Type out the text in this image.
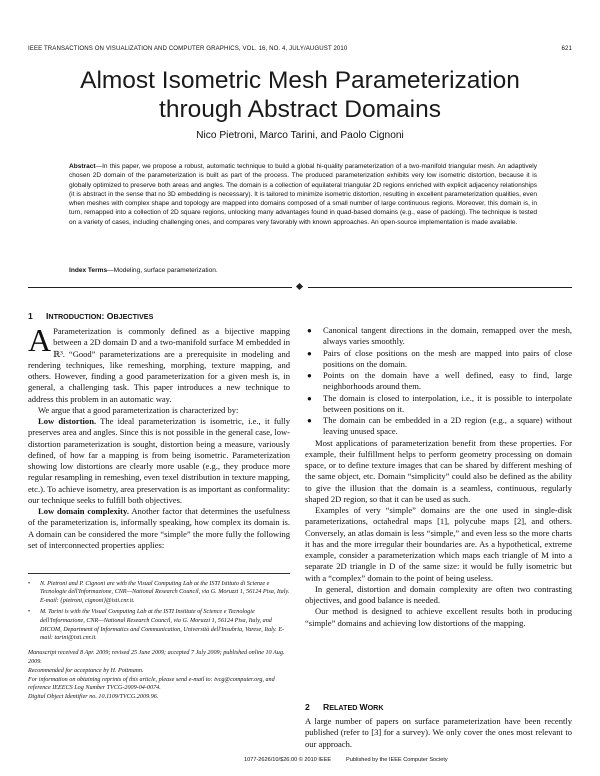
IEEE TRANSACTIONS ON VISUALIZATION AND COMPUTER GRAPHICS, VOL. 16, NO. 4, JULY/AUGUST 2010	621
Almost Isometric Mesh Parameterization
through Abstract Domains
Nico Pietroni, Marco Tarini, and Paolo Cignoni
Abstract—In this paper, we propose a robust, automatic technique to build a global hi-quality parameterization of a two-manifold triangular mesh. An adaptively chosen 2D domain of the parameterization is built as part of the process. The produced parameterization exhibits very low isometric distortion, because it is globally optimized to preserve both areas and angles. The domain is a collection of equilateral triangular 2D regions enriched with explicit adjacency relationships (it is abstract in the sense that no 3D embedding is necessary). It is tailored to minimize isometric distortion, resulting in excellent parameterization qualities, even when meshes with complex shape and topology are mapped into domains composed of a small number of large continuous regions. Moreover, this domain is, in turn, remapped into a collection of 2D square regions, unlocking many advantages found in quad-based domains (e.g., ease of packing). The technique is tested on a variety of cases, including challenging ones, and compares very favorably with known approaches. An open-source implementation is made available.
Index Terms—Modeling, surface parameterization.
1 INTRODUCTION: OBJECTIVES

A Parameterization is commonly defined as a bijective mapping between a 2D domain D and a two-manifold surface M embedded in ℝ³. “Good” parameterizations are a prerequisite in modeling and rendering techniques, like remeshing, morphing, texture mapping, and others. However, finding a good parameterization for a given mesh is, in general, a challenging task. This paper introduces a new technique to address this problem in an automatic way.

We argue that a good parameterization is characterized by:

Low distortion. The ideal parameterization is isometric, i.e., it fully preserves area and angles. Since this is not possible in the general case, low-distortion parameterization is sought, distortion being a measure, variously defined, of how far a mapping is from being isometric. Parameterization showing low distortions are clearly more usable (e.g., they produce more regular resampling in remeshing, even texel distribution in texture mapping, etc.). To achieve isometry, area preservation is as important as conformality: our technique seeks to fulfill both objectives.

Low domain complexity. Another factor that determines the usefulness of the parameterization is, informally speaking, how complex its domain is. A domain can be considered the more “simple” the more fully the following set of interconnected properties applies:

• N. Pietroni and P. Cignoni are with the Visual Computing Lab at the ISTI Istituto di Scienze e Tecnologie dell'Informazione, CNR—National Research Council, via G. Moruzzi 1, 56124 Pisa, Italy. E-mail: {pietroni, cignoni}@isti.cnr.it.
• M. Tarini is with the Visual Computing Lab at the ISTI Institute of Science e Tecnologie dell'Informazione, CNR—National Research Council, via G. Moruzzi 1, 56124 Pisa, Italy, and DICOM, Department of Informatics and Communication, Università dell'Insubria, Varese, Italy. E-mail: tarini@isti.cnr.it.
Manuscript received 8 Apr. 2009; revised 25 June 2009; accepted 7 July 2009; published online 10 Aug. 2009.
Recommended for acceptance by H. Pottmann.
For information on obtaining reprints of this article, please send e-mail to: tvcg@computer.org, and reference IEEECS Log Number TVCG-2009-04-0074.
Digital Object Identifier no. 10.1109/TVCG.2009.96.
● Canonical tangent directions in the domain, remapped over the mesh, always varies smoothly.
● Pairs of close positions on the mesh are mapped into pairs of close positions on the domain.
● Points on the domain have a well defined, easy to find, large neighborhoods around them.
● The domain is closed to interpolation, i.e., it is possible to interpolate between positions on it.
● The domain can be embedded in a 2D region (e.g., a square) without leaving unused space.

Most applications of parameterization benefit from these properties. For example, their fulfillment helps to perform geometry processing on domain space, or to define texture images that can be shared by different meshing of the same object, etc. Domain “simplicity” could also be defined as the ability to give the illusion that the domain is a seamless, continuous, regularly shaped 2D region, so that it can be used as such.

Examples of very “simple” domains are the one used in single-disk parameterizations, octahedral maps [1], polycube maps [2], and others. Conversely, an atlas domain is less “simple,” and even less so the more charts it has and the more irregular their boundaries are. As a hypothetical, extreme example, consider a parameterization which maps each triangle of M into a separate 2D triangle in D of the same size: it would be fully isometric but with a “complex” domain to the point of being useless.

In general, distortion and domain complexity are often two contrasting objectives, and good balance is needed.

Our method is designed to achieve excellent results both in producing “simple” domains and achieving low distortions of the mapping.

2 RELATED WORK

A large number of papers on surface parameterization have been recently published (refer to [3] for a survey). We only cover the ones most relevant to our approach.

1077-2626/10/$26.00 © 2010 IEEE	Published by the IEEE Computer Society
